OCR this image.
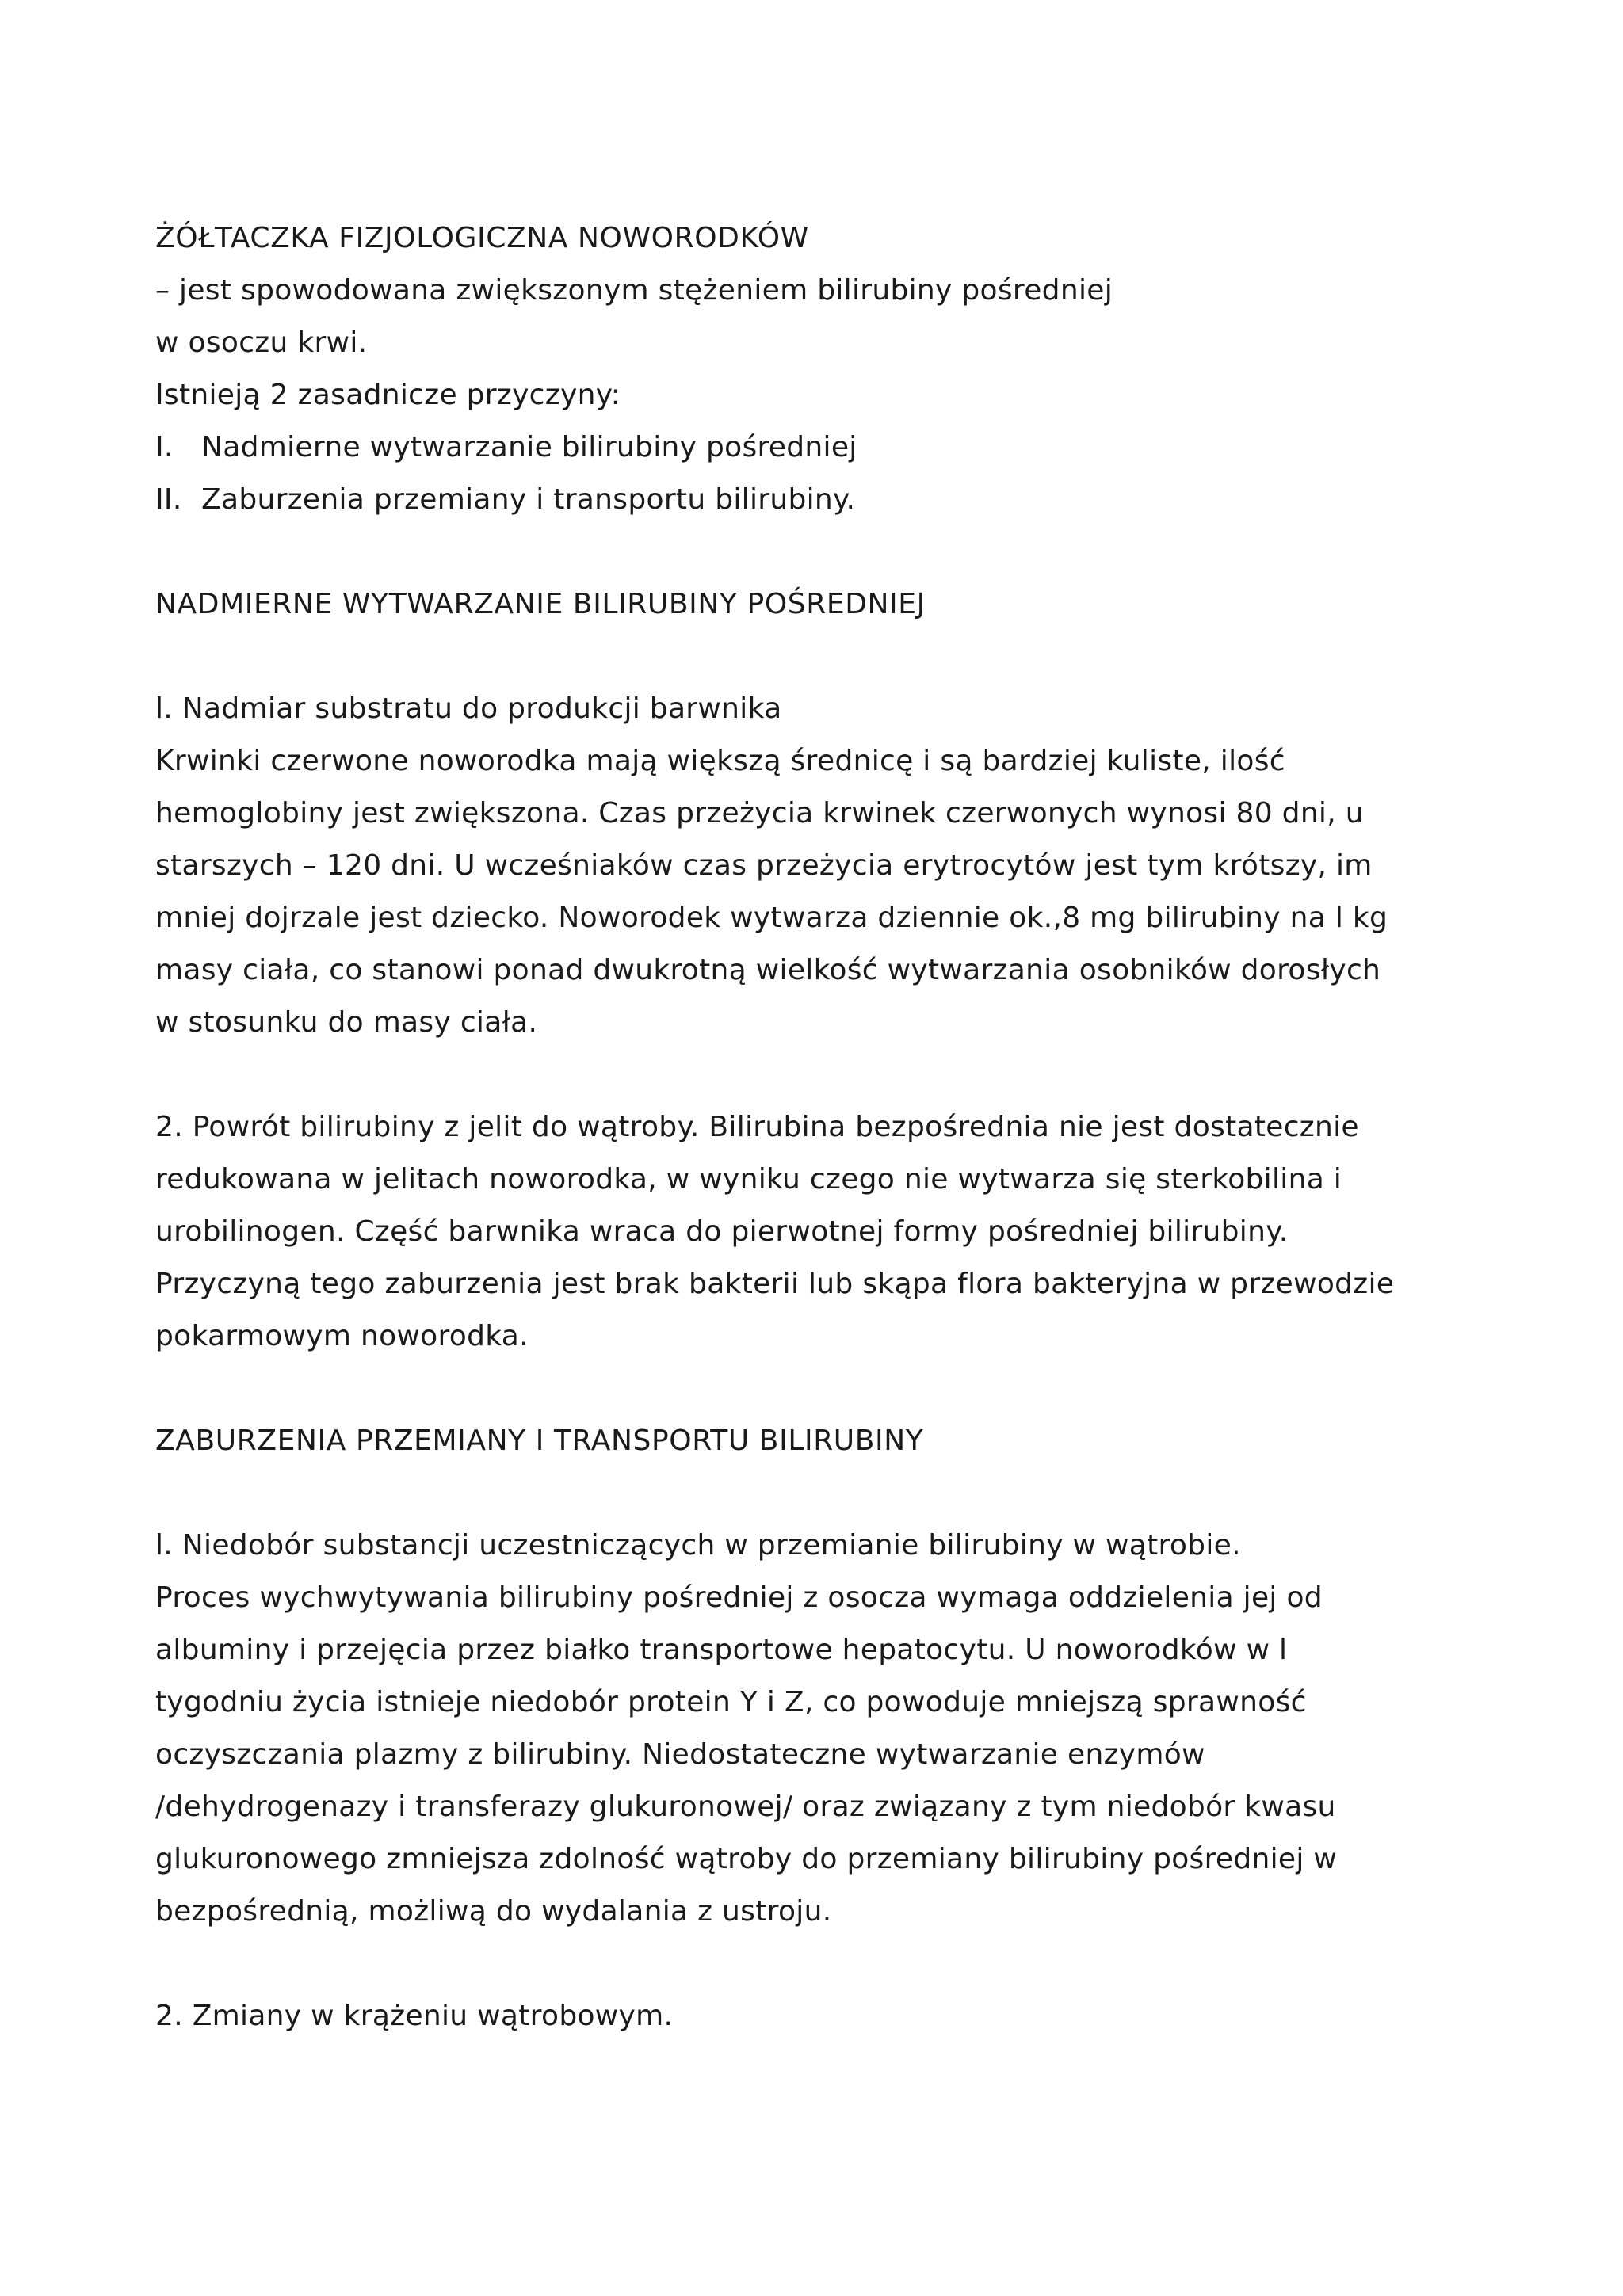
ŻÓŁTACZKA FIZJOLOGICZNA NOWORODKÓW
– jest spowodowana zwiększonym stężeniem bilirubiny pośredniej
w osoczu krwi.
Istnieją 2 zasadnicze przyczyny:
I. Nadmierne wytwarzanie bilirubiny pośredniej
II. Zaburzenia przemiany i transportu bilirubiny.
NADMIERNE WYTWARZANIE BILIRUBINY POŚREDNIEJ
l. Nadmiar substratu do produkcji barwnika
Krwinki czerwone noworodka mają większą średnicę i są bardziej kuliste, ilość
hemoglobiny jest zwiększona. Czas przeżycia krwinek czerwonych wynosi 80 dni, u
starszych – 120 dni. U wcześniaków czas przeżycia erytrocytów jest tym krótszy, im
mniej dojrzale jest dziecko. Noworodek wytwarza dziennie ok.,8 mg bilirubiny na l kg
masy ciała, co stanowi ponad dwukrotną wielkość wytwarzania osobników dorosłych
w stosunku do masy ciała.
2. Powrót bilirubiny z jelit do wątroby. Bilirubina bezpośrednia nie jest dostatecznie
redukowana w jelitach noworodka, w wyniku czego nie wytwarza się sterkobilina i
urobilinogen. Część barwnika wraca do pierwotnej formy pośredniej bilirubiny.
Przyczyną tego zaburzenia jest brak bakterii lub skąpa flora bakteryjna w przewodzie
pokarmowym noworodka.
ZABURZENIA PRZEMIANY I TRANSPORTU BILIRUBINY
l. Niedobór substancji uczestniczących w przemianie bilirubiny w wątrobie.
Proces wychwytywania bilirubiny pośredniej z osocza wymaga oddzielenia jej od
albuminy i przejęcia przez białko transportowe hepatocytu. U noworodków w l
tygodniu życia istnieje niedobór protein Y i Z, co powoduje mniejszą sprawność
oczyszczania plazmy z bilirubiny. Niedostateczne wytwarzanie enzymów
/dehydrogenazy i transferazy glukuronowej/ oraz związany z tym niedobór kwasu
glukuronowego zmniejsza zdolność wątroby do przemiany bilirubiny pośredniej w
bezpośrednią, możliwą do wydalania z ustroju.
2. Zmiany w krążeniu wątrobowym.
